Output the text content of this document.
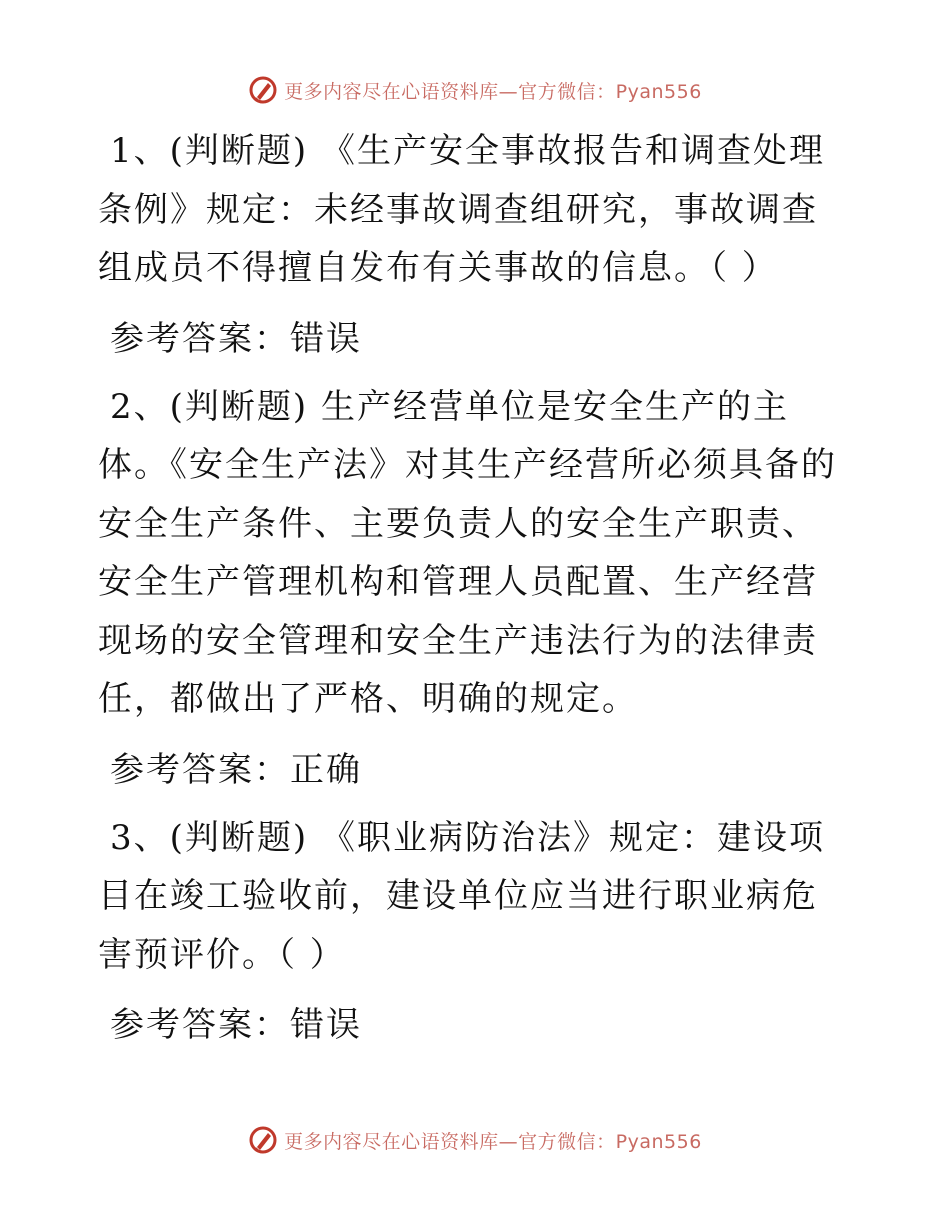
更多内容尽在心语资料库—官方微信：Pyan556

1、(判断题) 《生产安全事故报告和调查处理条例》规定：未经事故调查组研究，事故调查组成员不得擅自发布有关事故的信息。（ ）

参考答案：错误

2、(判断题) 生产经营单位是安全生产的主体。《安全生产法》对其生产经营所必须具备的安全生产条件、主要负责人的安全生产职责、安全生产管理机构和管理人员配置、生产经营现场的安全管理和安全生产违法行为的法律责任，都做出了严格、明确的规定。

参考答案：正确

3、(判断题) 《职业病防治法》规定：建设项目在竣工验收前，建设单位应当进行职业病危害预评价。（ ）

参考答案：错误

更多内容尽在心语资料库—官方微信：Pyan556
